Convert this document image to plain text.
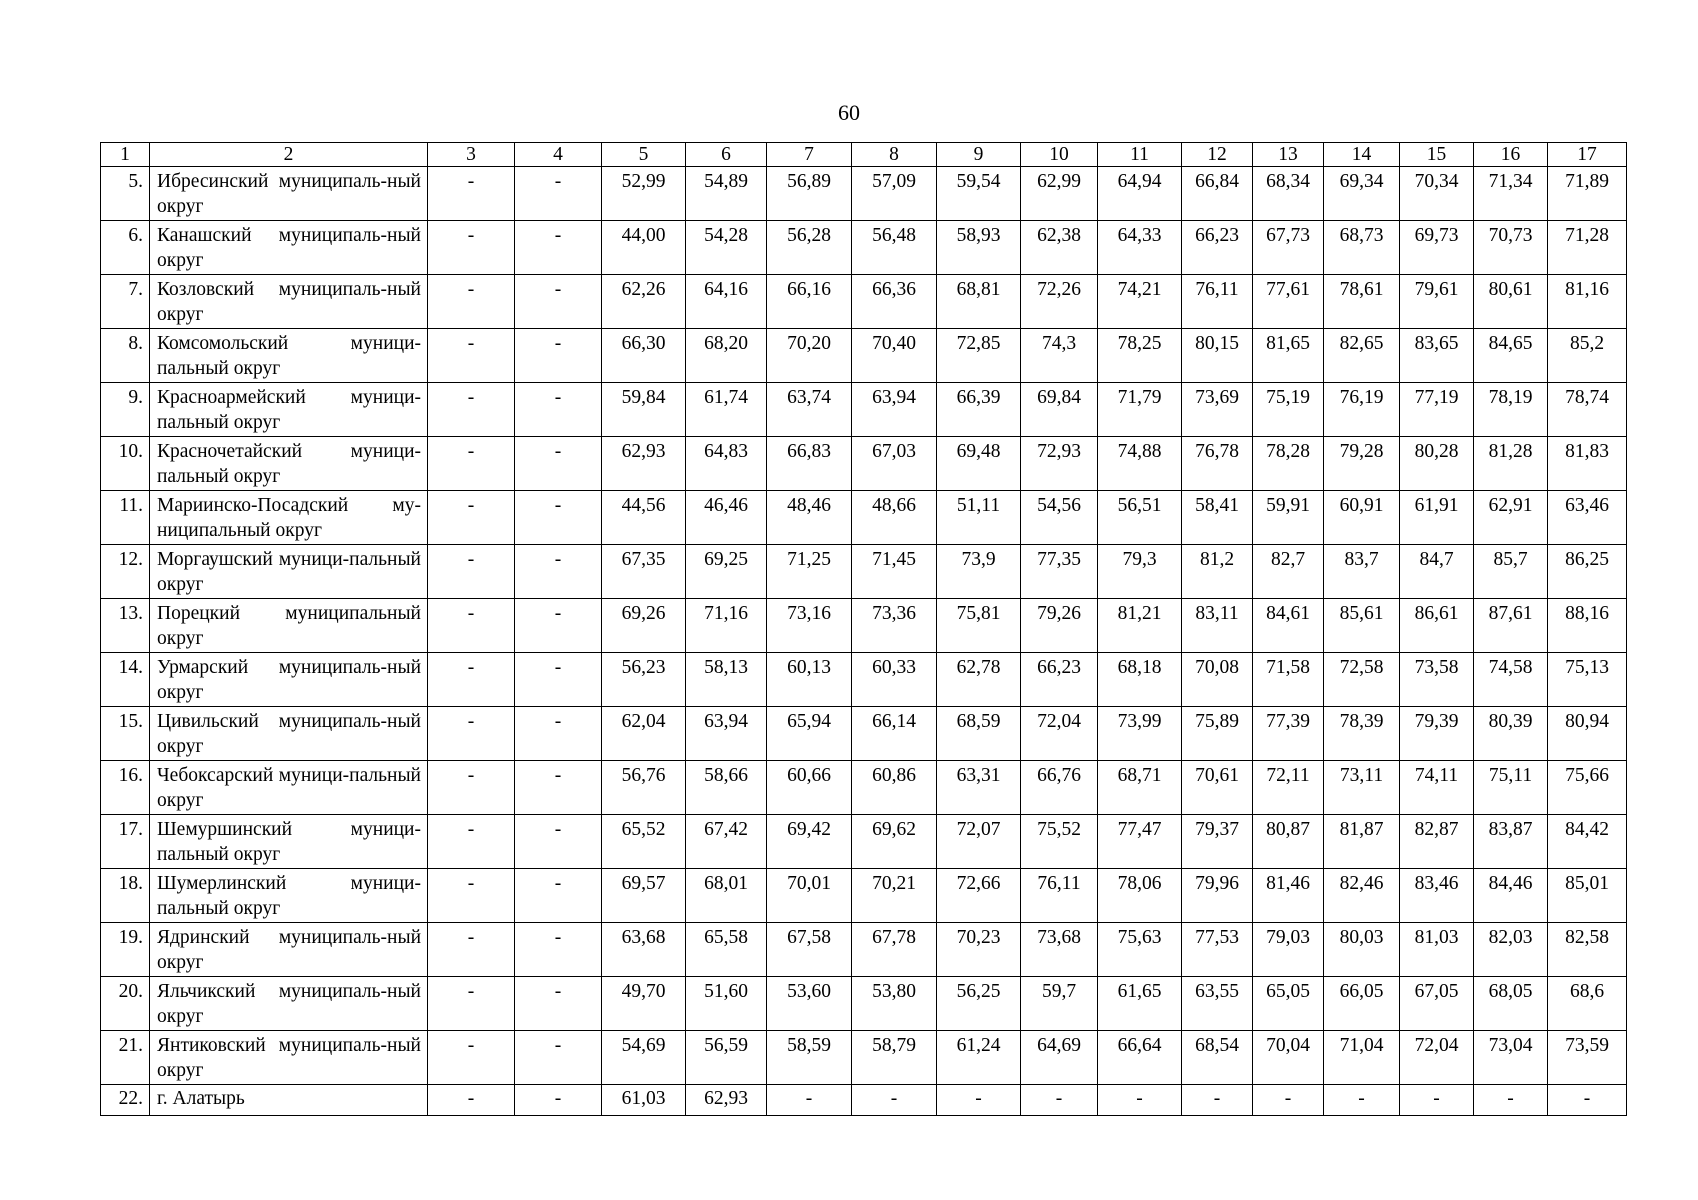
60
1	2	3	4	5	6	7	8	9	10	11	12	13	14	15	16	17
5.	Ибресинский муниципаль-ный округ	-	-	52,99	54,89	56,89	57,09	59,54	62,99	64,94	66,84	68,34	69,34	70,34	71,34	71,89
6.	Канашский муниципаль-ный округ	-	-	44,00	54,28	56,28	56,48	58,93	62,38	64,33	66,23	67,73	68,73	69,73	70,73	71,28
7.	Козловский муниципаль-ный округ	-	-	62,26	64,16	66,16	66,36	68,81	72,26	74,21	76,11	77,61	78,61	79,61	80,61	81,16
8.	Комсомольский муници-пальный округ	-	-	66,30	68,20	70,20	70,40	72,85	74,3	78,25	80,15	81,65	82,65	83,65	84,65	85,2
9.	Красноармейский муници-пальный округ	-	-	59,84	61,74	63,74	63,94	66,39	69,84	71,79	73,69	75,19	76,19	77,19	78,19	78,74
10.	Красночетайский муници-пальный округ	-	-	62,93	64,83	66,83	67,03	69,48	72,93	74,88	76,78	78,28	79,28	80,28	81,28	81,83
11.	Мариинско-Посадский му-ниципальный округ	-	-	44,56	46,46	48,46	48,66	51,11	54,56	56,51	58,41	59,91	60,91	61,91	62,91	63,46
12.	Моргаушский муници-пальный округ	-	-	67,35	69,25	71,25	71,45	73,9	77,35	79,3	81,2	82,7	83,7	84,7	85,7	86,25
13.	Порецкий муниципальный округ	-	-	69,26	71,16	73,16	73,36	75,81	79,26	81,21	83,11	84,61	85,61	86,61	87,61	88,16
14.	Урмарский муниципаль-ный округ	-	-	56,23	58,13	60,13	60,33	62,78	66,23	68,18	70,08	71,58	72,58	73,58	74,58	75,13
15.	Цивильский муниципаль-ный округ	-	-	62,04	63,94	65,94	66,14	68,59	72,04	73,99	75,89	77,39	78,39	79,39	80,39	80,94
16.	Чебоксарский муници-пальный округ	-	-	56,76	58,66	60,66	60,86	63,31	66,76	68,71	70,61	72,11	73,11	74,11	75,11	75,66
17.	Шемуршинский муници-пальный округ	-	-	65,52	67,42	69,42	69,62	72,07	75,52	77,47	79,37	80,87	81,87	82,87	83,87	84,42
18.	Шумерлинский муници-пальный округ	-	-	69,57	68,01	70,01	70,21	72,66	76,11	78,06	79,96	81,46	82,46	83,46	84,46	85,01
19.	Ядринский муниципаль-ный округ	-	-	63,68	65,58	67,58	67,78	70,23	73,68	75,63	77,53	79,03	80,03	81,03	82,03	82,58
20.	Яльчикский муниципаль-ный округ	-	-	49,70	51,60	53,60	53,80	56,25	59,7	61,65	63,55	65,05	66,05	67,05	68,05	68,6
21.	Янтиковский муниципаль-ный округ	-	-	54,69	56,59	58,59	58,79	61,24	64,69	66,64	68,54	70,04	71,04	72,04	73,04	73,59
22.	г. Алатырь	-	-	61,03	62,93	-	-	-	-	-	-	-	-	-	-	-
